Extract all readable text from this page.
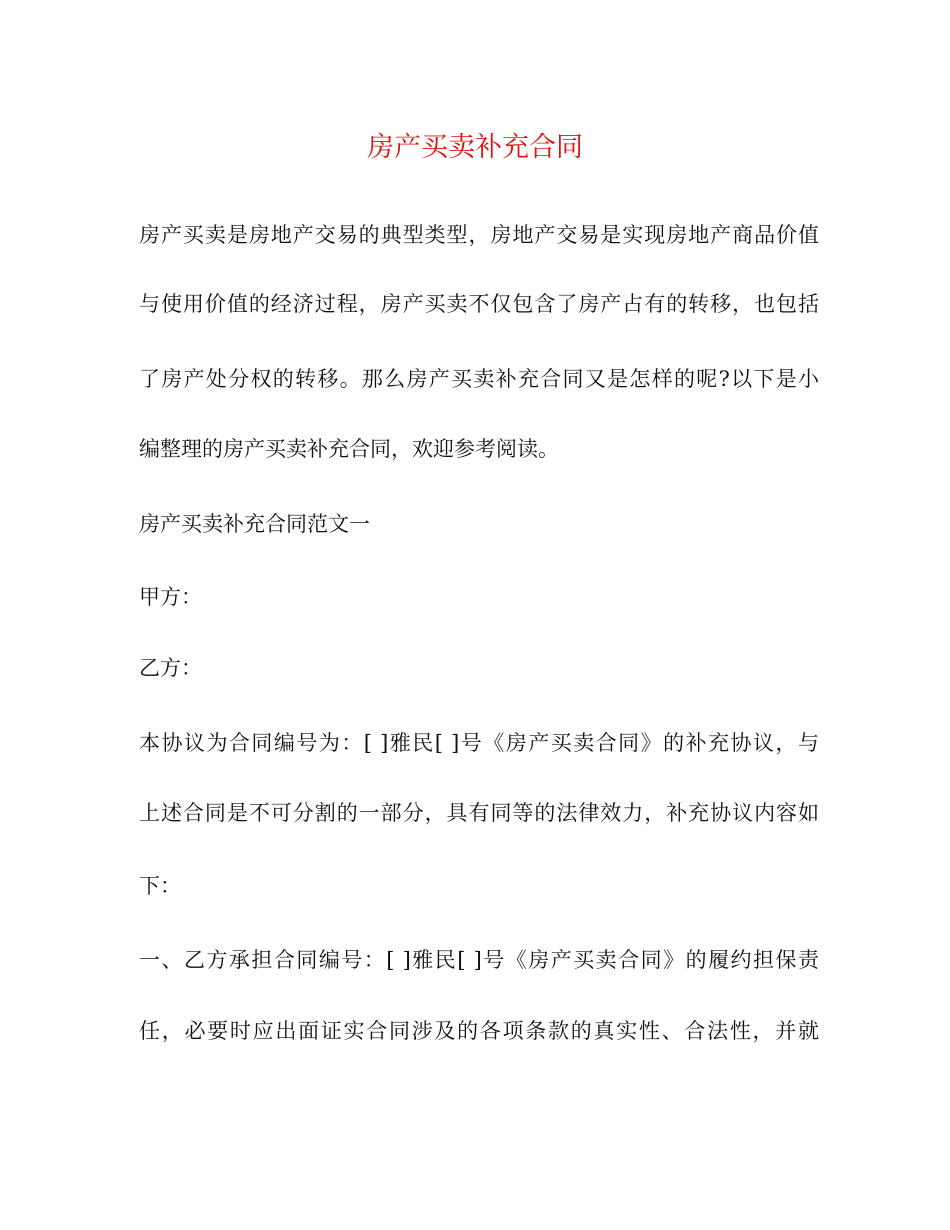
房产买卖补充合同

房产买卖是房地产交易的典型类型，房地产交易是实现房地产商品价值

与使用价值的经济过程，房产买卖不仅包含了房产占有的转移，也包括

了房产处分权的转移。那么房产买卖补充合同又是怎样的呢?以下是小

编整理的房产买卖补充合同，欢迎参考阅读。

房产买卖补充合同范文一

甲方：

乙方：

本协议为合同编号为：[ ]雅民[ ]号《房产买卖合同》的补充协议，与

上述合同是不可分割的一部分，具有同等的法律效力，补充协议内容如

下：

一、乙方承担合同编号：[ ]雅民[ ]号《房产买卖合同》的履约担保责

任，必要时应出面证实合同涉及的各项条款的真实性、合法性，并就
